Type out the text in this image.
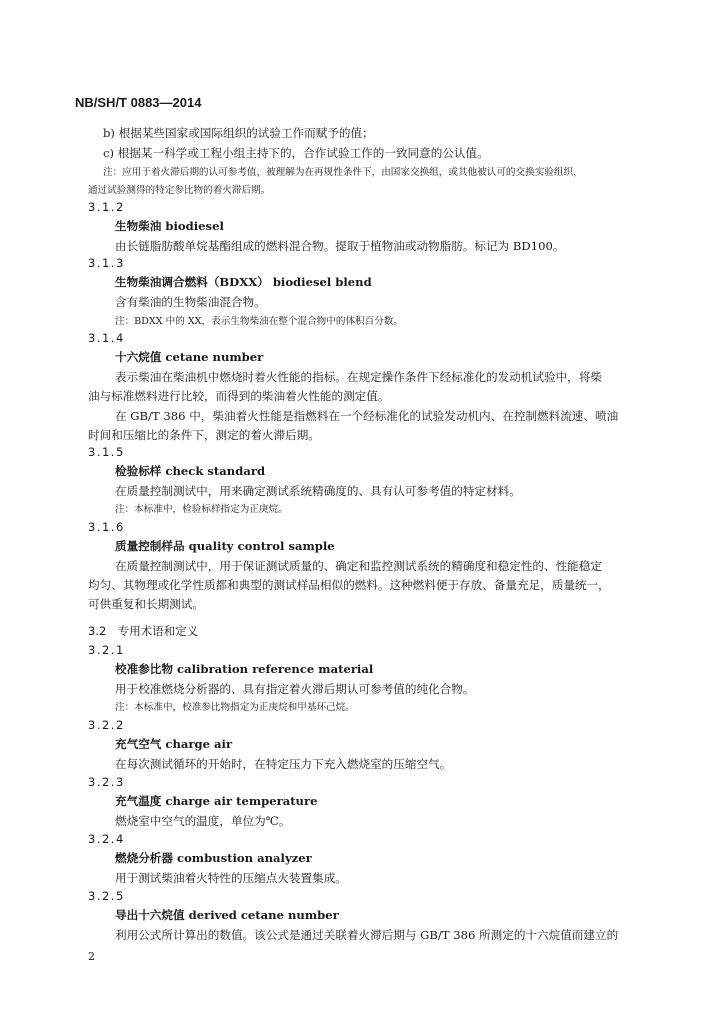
NB/SH/T 0883—2014
b) 根据某些国家或国际组织的试验工作而赋予的值；
c) 根据某一科学或工程小组主持下的，合作试验工作的一致同意的公认值。
注：应用于着火滞后期的认可参考值，被理解为在再规性条件下，由国家交换组，或其他被认可的交换实验组织，
通过试验测得的特定参比物的着火滞后期。
3.1.2
生物柴油 biodiesel
由长链脂肪酸单烷基酯组成的燃料混合物。提取于植物油或动物脂肪。标记为 BD100。
3.1.3
生物柴油调合燃料（BDXX） biodiesel blend
含有柴油的生物柴油混合物。
注：BDXX 中的 XX，表示生物柴油在整个混合物中的体积百分数。
3.1.4
十六烷值 cetane number
表示柴油在柴油机中燃烧时着火性能的指标。在规定操作条件下经标准化的发动机试验中，将柴
油与标准燃料进行比较，而得到的柴油着火性能的测定值。
在 GB/T 386 中，柴油着火性能是指燃料在一个经标准化的试验发动机内、在控制燃料流速、喷油
时间和压缩比的条件下，测定的着火滞后期。
3.1.5
检验标样 check standard
在质量控制测试中，用来确定测试系统精确度的、具有认可参考值的特定材料。
注：本标准中，检验标样指定为正庚烷。
3.1.6
质量控制样品 quality control sample
在质量控制测试中，用于保证测试质量的、确定和监控测试系统的精确度和稳定性的、性能稳定
均匀、其物理或化学性质都和典型的测试样品相似的燃料。这种燃料便于存放、备量充足，质量统一，
可供重复和长期测试。
3.2　专用术语和定义
3.2.1
校准参比物 calibration reference material
用于校准燃烧分析器的、具有指定着火滞后期认可参考值的纯化合物。
注：本标准中，校准参比物指定为正庚烷和甲基环己烷。
3.2.2
充气空气 charge air
在每次测试循环的开始时，在特定压力下充入燃烧室的压缩空气。
3.2.3
充气温度 charge air temperature
燃烧室中空气的温度，单位为℃。
3.2.4
燃烧分析器 combustion analyzer
用于测试柴油着火特性的压缩点火装置集成。
3.2.5
导出十六烷值 derived cetane number
利用公式所计算出的数值。该公式是通过关联着火滞后期与 GB/T 386 所测定的十六烷值而建立的
2
